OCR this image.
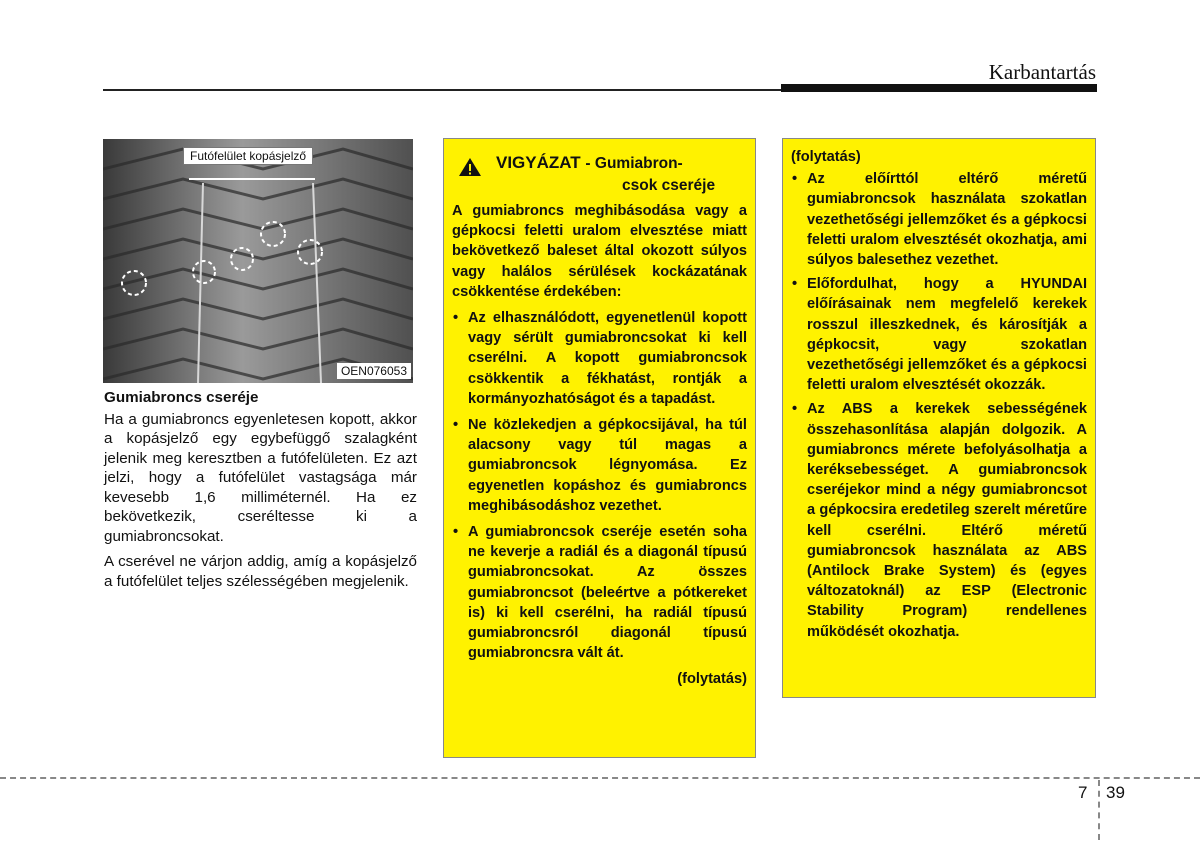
Karbantartás
Futófelület kopásjelző
OEN076053
Gumiabroncs cseréje

Ha a gumiabroncs egyenletesen kopott, akkor a kopásjelző egy egybefüggő szalagként jelenik meg keresztben a futófelületen. Ez azt jelzi, hogy a futófelület vastagsága már kevesebb 1,6 milliméternél. Ha ez bekövetkezik, cseréltesse ki a gumiabroncsokat.

A cserével ne várjon addig, amíg a kopásjelző a futófelület teljes szélességében megjelenik.

VIGYÁZAT - Gumiabron-
csok cseréje

A gumiabroncs meghibásodása vagy a gépkocsi feletti uralom elvesztése miatt bekövetkező baleset által okozott súlyos vagy halálos sérülések kockázatának csökkentése érdekében:

• Az elhasználódott, egyenetlenül kopott vagy sérült gumiabroncsokat ki kell cserélni. A kopott gumiabroncsok csökkentik a fékhatást, rontják a kormányozhatóságot és a tapadást.
• Ne közlekedjen a gépkocsijával, ha túl alacsony vagy túl magas a gumiabroncsok légnyomása. Ez egyenetlen kopáshoz és gumiabroncs meghibásodáshoz vezethet.
• A gumiabroncsok cseréje esetén soha ne keverje a radiál és a diagonál típusú gumiabroncsokat. Az összes gumiabroncsot (beleértve a pótkereket is) ki kell cserélni, ha radiál típusú gumiabroncsról diagonál típusú gumiabroncsra vált át.
(folytatás)
(folytatás)
• Az előírttól eltérő méretű gumiabroncsok használata szokatlan vezethetőségi jellemzőket és a gépkocsi feletti uralom elvesztését okozhatja, ami súlyos balesethez vezethet.
• Előfordulhat, hogy a HYUNDAI előírásainak nem megfelelő kerekek rosszul illeszkednek, és károsítják a gépkocsit, vagy szokatlan vezethetőségi jellemzőket és a gépkocsi feletti uralom elvesztését okozzák.
• Az ABS a kerekek sebességének összehasonlítása alapján dolgozik. A gumiabroncs mérete befolyásolhatja a keréksebességet. A gumiabroncsok cseréjekor mind a négy gumiabroncsot a gépkocsira eredetileg szerelt méretűre kell cserélni. Eltérő méretű gumiabroncsok használata az ABS (Antilock Brake System) és (egyes változatoknál) az ESP (Electronic Stability Program) rendellenes működését okozhatja.
7 39
